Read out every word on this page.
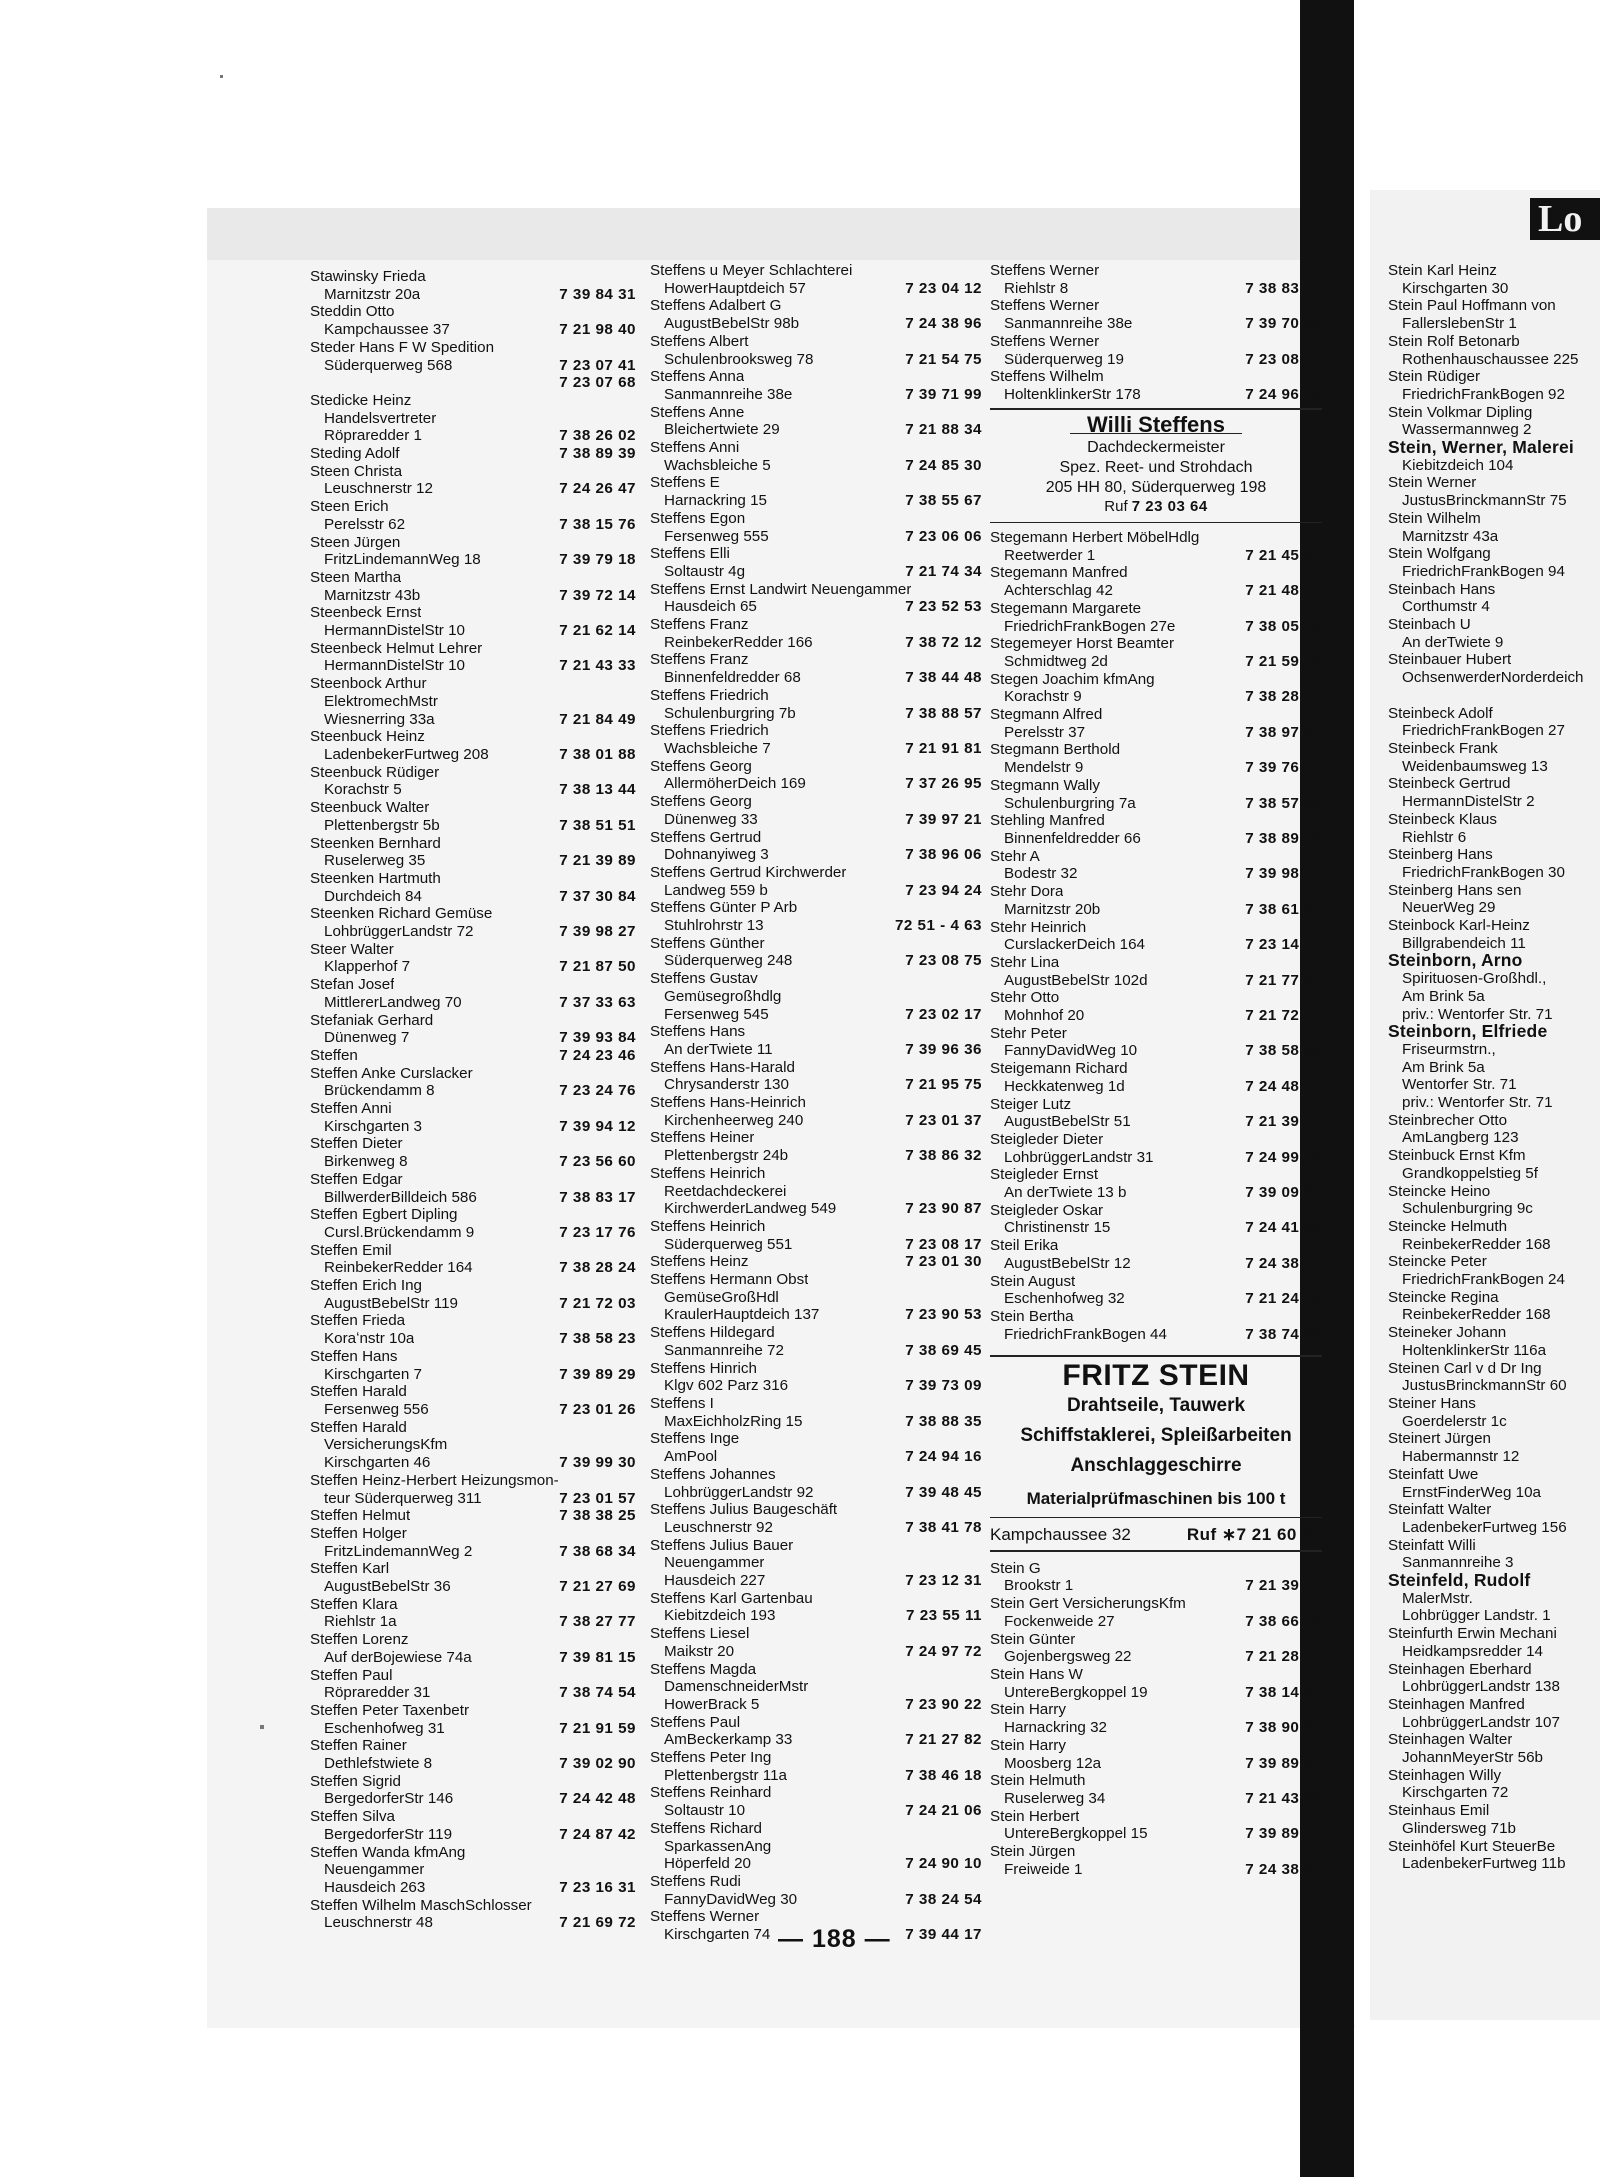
Lo
Stawinsky Frieda
Marnitzstr 20a	7 39 84 31
Steddin Otto
Kampchaussee 37	7 21 98 40
Steder Hans F W Spedition
Süderquerweg 568	7 23 07 41

7 23 07 68
Stedicke Heinz
Handelsvertreter
Röpraredder 1	7 38 26 02
Steding Adolf	7 38 89 39
Steen Christa
Leuschnerstr 12	7 24 26 47
Steen Erich
Perelsstr 62	7 38 15 76
Steen Jürgen
FritzLindemannWeg 18	7 39 79 18
Steen Martha
Marnitzstr 43b	7 39 72 14
Steenbeck Ernst
HermannDistelStr 10	7 21 62 14
Steenbeck Helmut Lehrer
HermannDistelStr 10	7 21 43 33
Steenbock Arthur
ElektromechMstr
Wiesnerring 33a	7 21 84 49
Steenbuck Heinz
LadenbekerFurtweg 208	7 38 01 88
Steenbuck Rüdiger
Korachstr 5	7 38 13 44
Steenbuck Walter
Plettenbergstr 5b	7 38 51 51
Steenken Bernhard
Ruselerweg 35	7 21 39 89
Steenken Hartmuth
Durchdeich 84	7 37 30 84
Steenken Richard Gemüse
LohbrüggerLandstr 72	7 39 98 27
Steer Walter
Klapperhof 7	7 21 87 50
Stefan Josef
MittlererLandweg 70	7 37 33 63
Stefaniak Gerhard
Dünenweg 7	7 39 93 84
Steffen	7 24 23 46
Steffen Anke Curslacker
Brückendamm 8	7 23 24 76
Steffen Anni
Kirschgarten 3	7 39 94 12
Steffen Dieter
Birkenweg 8	7 23 56 60
Steffen Edgar
BillwerderBilldeich 586	7 38 83 17
Steffen Egbert Dipling
Cursl.Brückendamm 9	7 23 17 76
Steffen Emil
ReinbekerRedder 164	7 38 28 24
Steffen Erich Ing
AugustBebelStr 119	7 21 72 03
Steffen Frieda
Koraʻnstr 10a	7 38 58 23
Steffen Hans
Kirschgarten 7	7 39 89 29
Steffen Harald
Fersenweg 556	7 23 01 26
Steffen Harald
VersicherungsKfm
Kirschgarten 46	7 39 99 30
Steffen Heinz-Herbert Heizungsmon-
teur Süderquerweg 311	7 23 01 57
Steffen Helmut	7 38 38 25
Steffen Holger
FritzLindemannWeg 2	7 38 68 34
Steffen Karl
AugustBebelStr 36	7 21 27 69
Steffen Klara
Riehlstr 1a	7 38 27 77
Steffen Lorenz
Auf derBojewiese 74a	7 39 81 15
Steffen Paul
Röpraredder 31	7 38 74 54
Steffen Peter Taxenbetr
Eschenhofweg 31	7 21 91 59
Steffen Rainer
Dethlefstwiete 8	7 39 02 90
Steffen Sigrid
BergedorferStr 146	7 24 42 48
Steffen Silva
BergedorferStr 119	7 24 87 42
Steffen Wanda kfmAng
Neuengammer
Hausdeich 263	7 23 16 31
Steffen Wilhelm MaschSchlosser
Leuschnerstr 48	7 21 69 72
Steffens u Meyer Schlachterei
HowerHauptdeich 57	7 23 04 12
Steffens Adalbert G
AugustBebelStr 98b	7 24 38 96
Steffens Albert
Schulenbrooksweg 78	7 21 54 75
Steffens Anna
Sanmannreihe 38e	7 39 71 99
Steffens Anne
Bleichertwiete 29	7 21 88 34
Steffens Anni
Wachsbleiche 5	7 24 85 30
Steffens E
Harnackring 15	7 38 55 67
Steffens Egon
Fersenweg 555	7 23 06 06
Steffens Elli
Soltaustr 4g	7 21 74 34
Steffens Ernst Landwirt Neuengammer
Hausdeich 65	7 23 52 53
Steffens Franz
ReinbekerRedder 166	7 38 72 12
Steffens Franz
Binnenfeldredder 68	7 38 44 48
Steffens Friedrich
Schulenburgring 7b	7 38 88 57
Steffens Friedrich
Wachsbleiche 7	7 21 91 81
Steffens Georg
AllermöherDeich 169	7 37 26 95
Steffens Georg
Dünenweg 33	7 39 97 21
Steffens Gertrud
Dohnanyiweg 3	7 38 96 06
Steffens Gertrud Kirchwerder
Landweg 559 b	7 23 94 24
Steffens Günter P Arb
Stuhlrohrstr 13	72 51 - 4 63
Steffens Günther
Süderquerweg 248	7 23 08 75
Steffens Gustav
Gemüsegroßhdlg
Fersenweg 545	7 23 02 17
Steffens Hans
An derTwiete 11	7 39 96 36
Steffens Hans-Harald
Chrysanderstr 130	7 21 95 75
Steffens Hans-Heinrich
Kirchenheerweg 240	7 23 01 37
Steffens Heiner
Plettenbergstr 24b	7 38 86 32
Steffens Heinrich
Reetdachdeckerei
KirchwerderLandweg 549	7 23 90 87
Steffens Heinrich
Süderquerweg 551	7 23 08 17
Steffens Heinz	7 23 01 30
Steffens Hermann Obst
GemüseGroßHdl
KraulerHauptdeich 137	7 23 90 53
Steffens Hildegard
Sanmannreihe 72	7 38 69 45
Steffens Hinrich
Klgv 602 Parz 316	7 39 73 09
Steffens I
MaxEichholzRing 15	7 38 88 35
Steffens Inge
AmPool	7 24 94 16
Steffens Johannes
LohbrüggerLandstr 92	7 39 48 45
Steffens Julius Baugeschäft
Leuschnerstr 92	7 38 41 78
Steffens Julius Bauer
Neuengammer
Hausdeich 227	7 23 12 31
Steffens Karl Gartenbau
Kiebitzdeich 193	7 23 55 11
Steffens Liesel
Maikstr 20	7 24 97 72
Steffens Magda
DamenschneiderMstr
HowerBrack 5	7 23 90 22
Steffens Paul
AmBeckerkamp 33	7 21 27 82
Steffens Peter Ing
Plettenbergstr 11a	7 38 46 18
Steffens Reinhard
Soltaustr 10	7 24 21 06
Steffens Richard
SparkassenAng
Höperfeld 20	7 24 90 10
Steffens Rudi
FannyDavidWeg 30	7 38 24 54
Steffens Werner
Kirschgarten 74	7 39 44 17
Steffens Werner
Riehlstr 8	7 38 83 07
Steffens Werner
Sanmannreihe 38e	7 39 70 99
Steffens Werner
Süderquerweg 19	7 23 08 76
Steffens Wilhelm
HoltenklinkerStr 178	7 24 96 45
Willi Steffens
Dachdeckermeister
Spez. Reet- und Strohdach
205 HH 80, Süderquerweg 198
Ruf 7 23 03 64
Stegemann Herbert MöbelHdlg
Reetwerder 1	7 21 45 31
Stegemann Manfred
Achterschlag 42	7 21 48 46
Stegemann Margarete
FriedrichFrankBogen 27e	7 38 05 18
Stegemeyer Horst Beamter
Schmidtweg 2d	7 21 59 23
Stegen Joachim kfmAng
Korachstr 9	7 38 28 25
Stegmann Alfred
Perelsstr 37	7 38 97 21
Stegmann Berthold
Mendelstr 9	7 39 76 09
Stegmann Wally
Schulenburgring 7a	7 38 57 08
Stehling Manfred
Binnenfeldredder 66	7 38 89 79
Stehr A
Bodestr 32	7 39 98 04
Stehr Dora
Marnitzstr 20b	7 38 61 01
Stehr Heinrich
CurslackerDeich 164	7 23 14 18
Stehr Lina
AugustBebelStr 102d	7 21 77 84
Stehr Otto
Mohnhof 20	7 21 72 57
Stehr Peter
FannyDavidWeg 10	7 38 58 96
Steigemann Richard
Heckkatenweg 1d	7 24 48 73
Steiger Lutz
AugustBebelStr 51	7 21 39 54
Steigleder Dieter
LohbrüggerLandstr 31	7 24 99 13
Steigleder Ernst
An derTwiete 13 b	7 39 09 92
Steigleder Oskar
Christinenstr 15	7 24 41 66
Steil Erika
AugustBebelStr 12	7 24 38 56
Stein August
Eschenhofweg 32	7 21 24 10
Stein Bertha
FriedrichFrankBogen 44	7 38 74 88
FRITZ STEIN
Drahtseile, Tauwerk
Schiffstaklerei, Spleißarbeiten
Anschlaggeschirre
Materialprüfmaschinen bis 100 t
Kampchaussee 32	Ruf ∗7 21 60 64
Stein G
Brookstr 1	7 21 39 52
Stein Gert VersicherungsKfm
Fockenweide 27	7 38 66 76
Stein Günter
Gojenbergsweg 22	7 21 28 46
Stein Hans W
UntereBergkoppel 19	7 38 14 28
Stein Harry
Harnackring 32	7 38 90 67
Stein Harry
Moosberg 12a	7 39 89 64
Stein Helmuth
Ruselerweg 34	7 21 43 09
Stein Herbert
UntereBergkoppel 15	7 39 89 54
Stein Jürgen
Freiweide 1	7 24 38 64
Stein Karl Heinz
Kirschgarten 30
Stein Paul Hoffmann von
FallerslebenStr 1
Stein Rolf Betonarb
Rothenhauschaussee 225
Stein Rüdiger
FriedrichFrankBogen 92
Stein Volkmar Dipling
Wassermannweg 2
Stein, Werner, Malerei
Kiebitzdeich 104
Stein Werner
JustusBrinckmannStr 75
Stein Wilhelm
Marnitzstr 43a
Stein Wolfgang
FriedrichFrankBogen 94
Steinbach Hans
Corthumstr 4
Steinbach U
An derTwiete 9
Steinbauer Hubert
OchsenwerderNorderdeich

Steinbeck Adolf
FriedrichFrankBogen 27
Steinbeck Frank
Weidenbaumsweg 13
Steinbeck Gertrud
HermannDistelStr 2
Steinbeck Klaus
Riehlstr 6
Steinberg Hans
FriedrichFrankBogen 30
Steinberg Hans sen
NeuerWeg 29
Steinbock Karl-Heinz
Billgrabendeich 11
Steinborn, Arno
Spirituosen-Großhdl.,
Am Brink 5a
priv.: Wentorfer Str. 71
Steinborn, Elfriede
Friseurmstrn.,
Am Brink 5a
Wentorfer Str. 71
priv.: Wentorfer Str. 71
Steinbrecher Otto
AmLangberg 123
Steinbuck Ernst Kfm
Grandkoppelstieg 5f
Steincke Heino
Schulenburgring 9c
Steincke Helmuth
ReinbekerRedder 168
Steincke Peter
FriedrichFrankBogen 24
Steincke Regina
ReinbekerRedder 168
Steineker Johann
HoltenklinkerStr 116a
Steinen Carl v d Dr Ing
JustusBrinckmannStr 60
Steiner Hans
Goerdelerstr 1c
Steinert Jürgen
Habermannstr 12
Steinfatt Uwe
ErnstFinderWeg 10a
Steinfatt Walter
LadenbekerFurtweg 156
Steinfatt Willi
Sanmannreihe 3
Steinfeld, Rudolf
MalerMstr.
Lohbrügger Landstr. 1
Steinfurth Erwin Mechani
Heidkampsredder 14
Steinhagen Eberhard
LohbrüggerLandstr 138
Steinhagen Manfred
LohbrüggerLandstr 107
Steinhagen Walter
JohannMeyerStr 56b
Steinhagen Willy
Kirschgarten 72
Steinhaus Emil
Glindersweg 71b
Steinhöfel Kurt SteuerBe
LadenbekerFurtweg 11b
— 188 —
